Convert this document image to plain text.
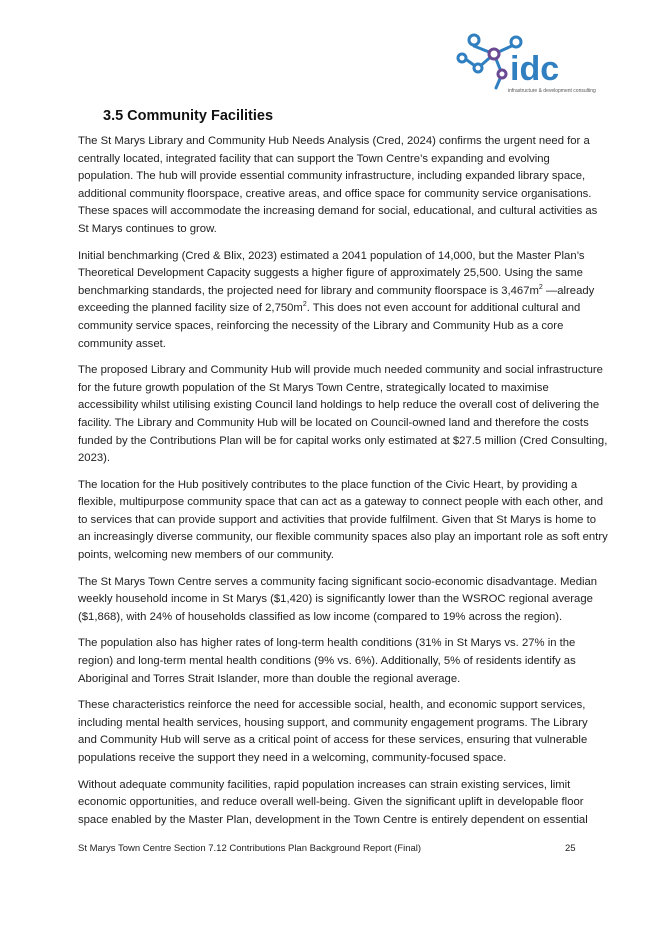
idc
infrastructure & development consulting
3.5 Community Facilities

The St Marys Library and Community Hub Needs Analysis (Cred, 2024) confirms the urgent need for a centrally located, integrated facility that can support the Town Centre’s expanding and evolving population. The hub will provide essential community infrastructure, including expanded library space, additional community floorspace, creative areas, and office space for community service organisations. These spaces will accommodate the increasing demand for social, educational, and cultural activities as St Marys continues to grow.

Initial benchmarking (Cred & Blix, 2023) estimated a 2041 population of 14,000, but the Master Plan’s Theoretical Development Capacity suggests a higher figure of approximately 25,500. Using the same benchmarking standards, the projected need for library and community floorspace is $3,467m^2$ —already exceeding the planned facility size of $2,750m^2$. This does not even account for additional cultural and community service spaces, reinforcing the necessity of the Library and Community Hub as a core community asset.

The proposed Library and Community Hub will provide much needed community and social infrastructure for the future growth population of the St Marys Town Centre, strategically located to maximise accessibility whilst utilising existing Council land holdings to help reduce the overall cost of delivering the facility. The Library and Community Hub will be located on Council-owned land and therefore the costs funded by the Contributions Plan will be for capital works only estimated at $27.5 million (Cred Consulting, 2023).

The location for the Hub positively contributes to the place function of the Civic Heart, by providing a flexible, multipurpose community space that can act as a gateway to connect people with each other, and to services that can provide support and activities that provide fulfilment. Given that St Marys is home to an increasingly diverse community, our flexible community spaces also play an important role as soft entry points, welcoming new members of our community.

The St Marys Town Centre serves a community facing significant socio-economic disadvantage. Median weekly household income in St Marys ($1,420) is significantly lower than the WSROC regional average ($1,868), with 24% of households classified as low income (compared to 19% across the region).

The population also has higher rates of long-term health conditions (31% in St Marys vs. 27% in the region) and long-term mental health conditions (9% vs. 6%). Additionally, 5% of residents identify as Aboriginal and Torres Strait Islander, more than double the regional average.

These characteristics reinforce the need for accessible social, health, and economic support services, including mental health services, housing support, and community engagement programs. The Library and Community Hub will serve as a critical point of access for these services, ensuring that vulnerable populations receive the support they need in a welcoming, community-focused space.

Without adequate community facilities, rapid population increases can strain existing services, limit economic opportunities, and reduce overall well-being. Given the significant uplift in developable floor space enabled by the Master Plan, development in the Town Centre is entirely dependent on essential

St Marys Town Centre Section 7.12 Contributions Plan Background Report (Final)	25
